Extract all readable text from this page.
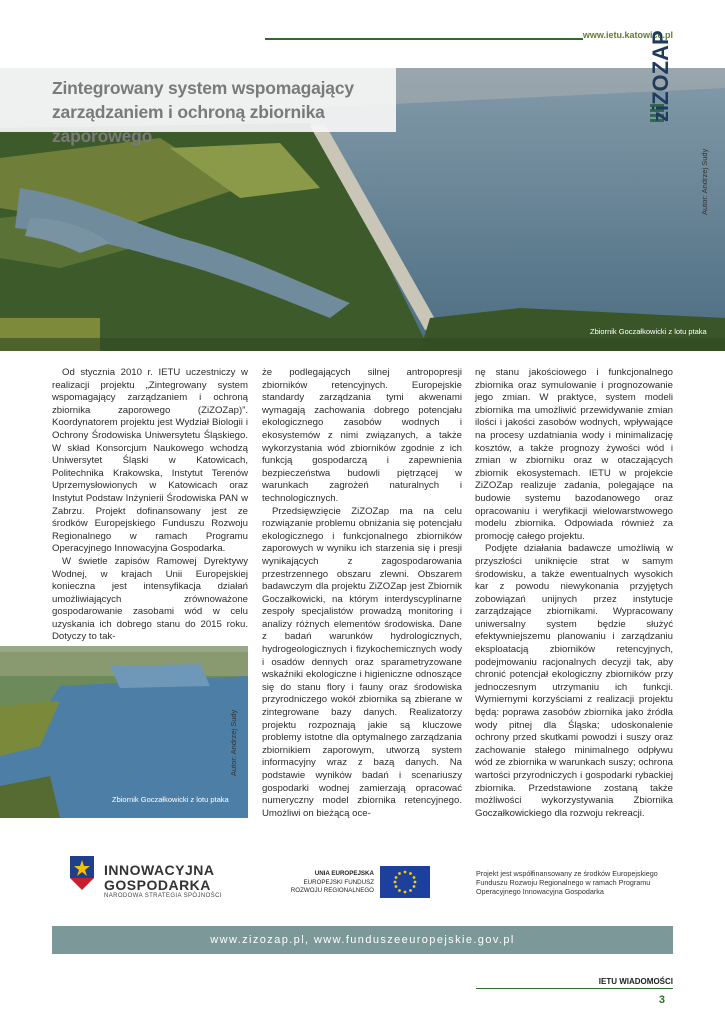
www.ietu.katowice.pl
Zintegrowany system wspomagający
zarządzaniem i ochroną zbiornika zaporowego
ziZOZAP
Autor: Andrzej Sudy
Zbiornik Goczałkowicki z lotu ptaka

Od stycznia 2010 r. IETU uczestniczy w realizacji projektu „Zintegrowany system wspomagający zarządzaniem i ochroną zbiornika zaporowego (ZiZOZap)”. Koordynatorem projektu jest Wydział Biologii i Ochrony Środowiska Uniwersytetu Śląskiego. W skład Konsorcjum Naukowego wchodzą Uniwersytet Śląski w Katowicach, Politechnika Krakowska, Instytut Terenów Uprzemysłowionych w Katowicach oraz Instytut Podstaw Inżynierii Środowiska PAN w Zabrzu. Projekt dofinansowany jest ze środków Europejskiego Funduszu Rozwoju Regionalnego w ramach Programu Operacyjnego Innowacyjna Gospodarka.

W świetle zapisów Ramowej Dyrektywy Wodnej, w krajach Unii Europejskiej konieczna jest intensyfikacja działań umożliwiających zrównoważone gospodarowanie zasobami wód w celu uzyskania ich dobrego stanu do 2015 roku. Dotyczy to tak-

Autor: Andrzej Sudy
Zbiornik Goczałkowicki z lotu ptaka

że podlegających silnej antropopresji zbiorników retencyjnych. Europejskie standardy zarządzania tymi akwenami wymagają zachowania dobrego potencjału ekologicznego zasobów wodnych i ekosystemów z nimi związanych, a także wykorzystania wód zbiorników zgodnie z ich funkcją gospodarczą i zapewnienia bezpieczeństwa budowli piętrzącej w warunkach zagrożeń naturalnych i technologicznych.

Przedsięwzięcie ZiZOZap ma na celu rozwiązanie problemu obniżania się potencjału ekologicznego i funkcjonalnego zbiorników zaporowych w wyniku ich starzenia się i presji wynikających z zagospodarowania przestrzennego obszaru zlewni. Obszarem badawczym dla projektu ZiZOZap jest Zbiornik Goczałkowicki, na którym interdyscyplinarne zespoły specjalistów prowadzą monitoring i analizy różnych elementów środowiska. Dane z badań warunków hydrologicznych, hydrogeologicznych i fizykochemicznych wody i osadów dennych oraz sparametryzowane wskaźniki ekologiczne i higieniczne odnoszące się do stanu flory i fauny oraz środowiska przyrodniczego wokół zbiornika są zbierane w zintegrowane bazy danych. Realizatorzy projektu rozpoznają jakie są kluczowe problemy istotne dla optymalnego zarządzania zbiornikiem zaporowym, utworzą system informacyjny wraz z bazą danych. Na podstawie wyników badań i scenariuszy gospodarki wodnej zamierzają opracować numeryczny model zbiornika retencyjnego. Umożliwi on bieżącą oce-

nę stanu jakościowego i funkcjonalnego zbiornika oraz symulowanie i prognozowanie jego zmian. W praktyce, system modeli zbiornika ma umożliwić przewidywanie zmian ilości i jakości zasobów wodnych, wpływające na procesy uzdatniania wody i minimalizację kosztów, a także prognozy żywości wód i zmian w zbiorniku oraz w otaczających zbiornik ekosystemach. IETU w projekcie ZiZOZap realizuje zadania, polegające na budowie systemu bazodanowego oraz opracowaniu i weryfikacji wielowarstwowego modelu zbiornika. Odpowiada również za promocję całego projektu.

Podjęte działania badawcze umożliwią w przyszłości uniknięcie strat w samym środowisku, a także ewentualnych wysokich kar z powodu niewykonania przyjętych zobowiązań unijnych przez instytucje zarządzające zbiornikami. Wypracowany uniwersalny system będzie służyć efektywniejszemu planowaniu i zarządzaniu eksploatacją zbiorników retencyjnych, podejmowaniu racjonalnych decyzji tak, aby chronić potencjał ekologiczny zbiorników przy jednoczesnym utrzymaniu ich funkcji. Wymiernymi korzyściami z realizacji projektu będą: poprawa zasobów zbiornika jako źródła wody pitnej dla Śląska; udoskonalenie ochrony przed skutkami powodzi i suszy oraz zachowanie stałego minimalnego odpływu wód ze zbiornika w warunkach suszy; ochrona wartości przyrodniczych i gospodarki rybackiej zbiornika. Przedstawione zostaną także możliwości wykorzystywania Zbiornika Goczałkowickiego dla rozwoju rekreacji.

INNOWACYJNA
GOSPODARKA
NARODOWA STRATEGIA SPÓJNOŚCI
UNIA EUROPEJSKA
EUROPEJSKI FUNDUSZ
ROZWOJU REGIONALNEGO
Projekt jest współfinansowany ze środków Europejskiego Funduszu Rozwoju Regionalnego w ramach Programu Operacyjnego Innowacyjna Gospodarka
www.zizozap.pl, www.funduszeeuropejskie.gov.pl
IETU WIADOMOŚCI
3
